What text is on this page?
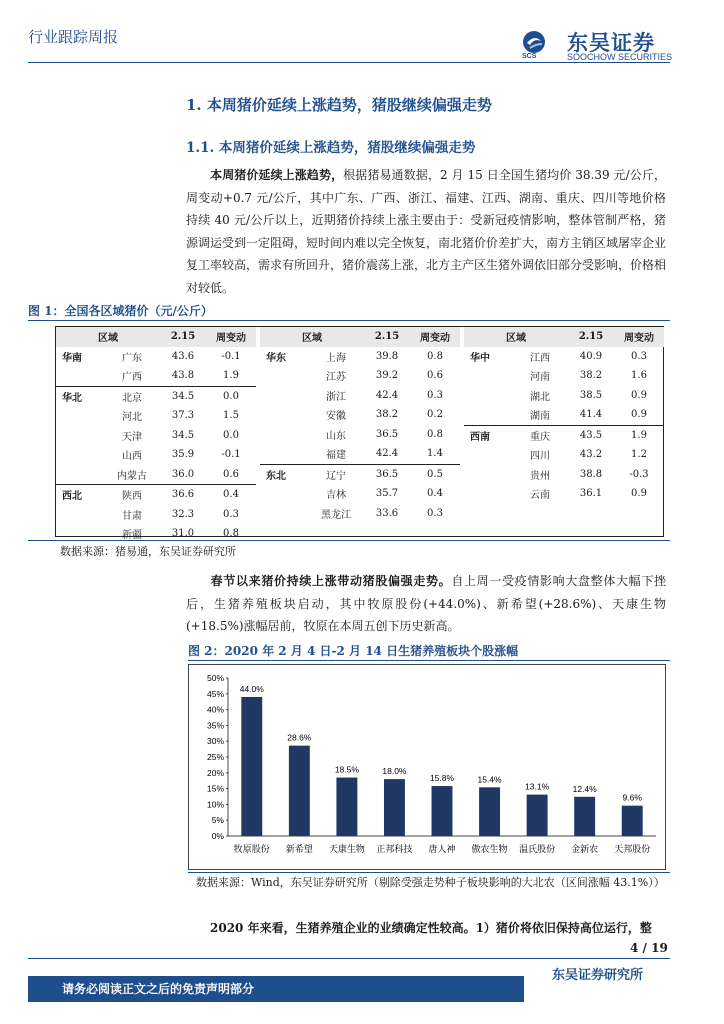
行业跟踪周报
SCS
东吴证券
SOOCHOW SECURITIES
1. 本周猪价延续上涨趋势，猪股继续偏强走势
1.1. 本周猪价延续上涨趋势，猪股继续偏强走势

本周猪价延续上涨趋势，根据猪易通数据，2 月 15 日全国生猪均价 38.39 元/公斤，周变动+0.7 元/公斤，其中广东、广西、浙江、福建、江西、湖南、重庆、四川等地价格持续 40 元/公斤以上，近期猪价持续上涨主要由于：受新冠疫情影响，整体管制严格，猪源调运受到一定阻碍，短时间内难以完全恢复，南北猪价价差扩大，南方主销区域屠宰企业复工率较高，需求有所回升，猪价震荡上涨，北方主产区生猪外调依旧部分受影响，价格相对较低。

图 1：全国各区域猪价（元/公斤）
区域		2.15	周变动
华南	广东	43.6	-0.1
	广西	43.8	1.9
华北	北京	34.5	0.0
	河北	37.3	1.5
	天津	34.5	0.0
	山西	35.9	-0.1
	内蒙古	36.0	0.6
西北	陕西	36.6	0.4
	甘肃	32.3	0.3
	新疆	31.0	0.8
区域		2.15	周变动
华东	上海	39.8	0.8
	江苏	39.2	0.6
	浙江	42.4	0.3
	安徽	38.2	0.2
	山东	36.5	0.8
	福建	42.4	1.4
东北	辽宁	36.5	0.5
	吉林	35.7	0.4
	黑龙江	33.6	0.3

区域		2.15	周变动
华中	江西	40.9	0.3
	河南	38.2	1.6
	湖北	38.5	0.9
	湖南	41.4	0.9
西南	重庆	43.5	1.9
	四川	43.2	1.2
	贵州	38.8	-0.3
	云南	36.1	0.9

数据来源：猪易通，东吴证券研究所

春节以来猪价持续上涨带动猪股偏强走势。自上周一受疫情影响大盘整体大幅下挫后，生猪养殖板块启动，其中牧原股份(+44.0%)、新希望(+28.6%)、天康生物(+18.5%)涨幅居前，牧原在本周五创下历史新高。

图 2：2020 年 2 月 4 日-2 月 14 日生猪养殖板块个股涨幅
0%
5%
10%
15%
20%
25%
30%
35%
40%
45%
50%
44.0%
牧原股份
28.6%
新希望
18.5%
天康生物
18.0%
正邦科技
15.8%
唐人神
15.4%
傲农生物
13.1%
温氏股份
12.4%
金新农
9.6%
天邦股份
数据来源：Wind，东吴证券研究所（剔除受强走势种子板块影响的大北农（区间涨幅 43.1%））

2020 年来看，生猪养殖企业的业绩确定性较高。1）猪价将依旧保持高位运行，整

4 / 19
东吴证券研究所
请务必阅读正文之后的免责声明部分
